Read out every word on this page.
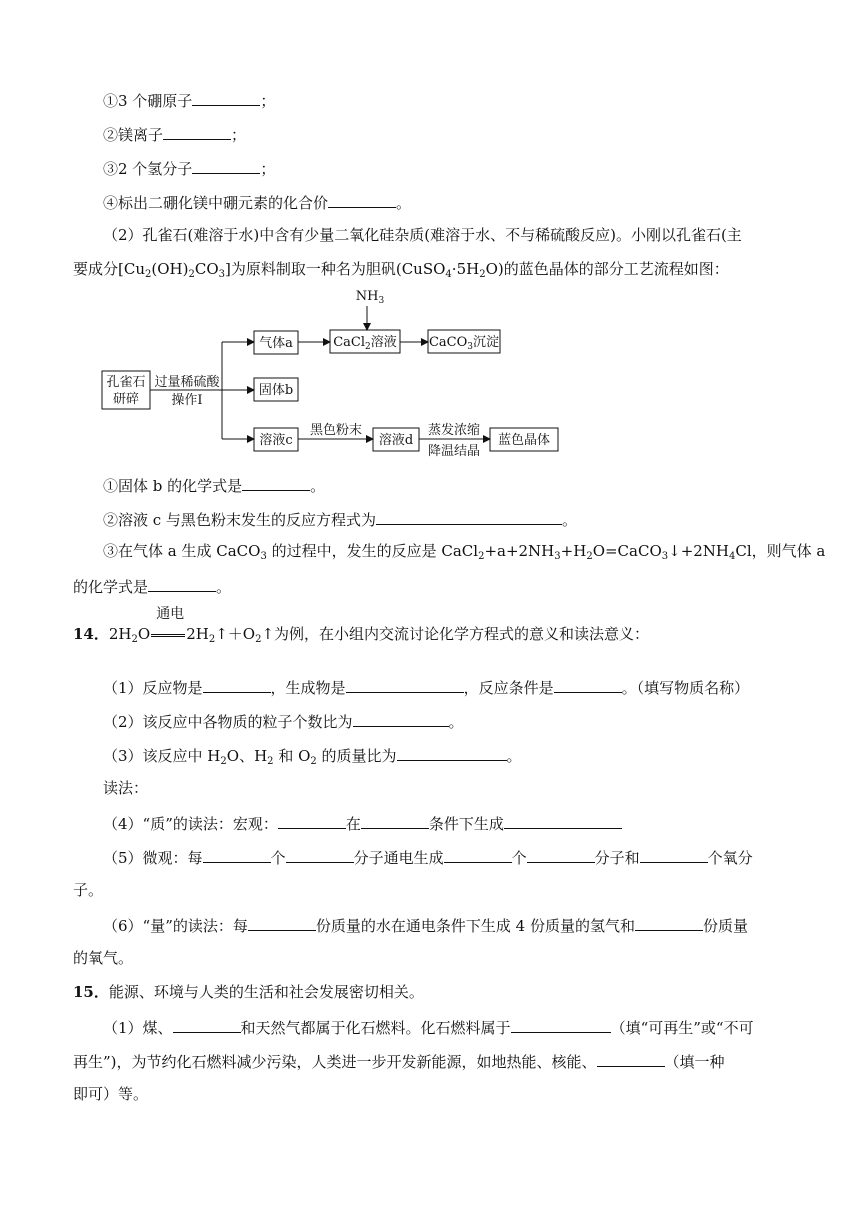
①3 个硼原子	；
②镁离子	；
③2 个氢分子	；
④标出二硼化镁中硼元素的化合价	。
（2）孔雀石(难溶于水)中含有少量二氧化硅杂质(难溶于水、不与稀硫酸反应)。小刚以孔雀石(主
要成分$[Cu_2(OH)_2CO_3]$为原料制取一种名为胆矾$(CuSO_4\cdot 5H_2O)$的蓝色晶体的部分工艺流程如图：
$NH_3$
孔雀石
研碎
过量稀硫酸
操作I
气体a	CaCl$_2$溶液 CaCO$_3$沉淀
固体b
溶液c
黑色粉末
溶液d
蒸发浓缩
降温结晶
蓝色晶体
①固体 b 的化学式是	。
②溶液 c 与黑色粉末发生的反应方程式为	。
③在气体 a 生成 CaCO$_3$ 的过程中，发生的反应是 $CaCl_2+a+2NH_3+H_2O=CaCO_3↓+2NH_4Cl$，则气体 a
的化学式是	。
14．$2H_2O$
通电
$2H_2↑+O_2↑$为例，在小组内交流讨论化学方程式的意义和读法意义：
（1）反应物是	，生成物是	，反应条件是	。（填写物质名称）
（2）该反应中各物质的粒子个数比为	。
（3）该反应中 $H_2O$、$H_2$ 和 $O_2$ 的质量比为	。
读法：
（4）“质”的读法：宏观：	在	条件下生成
（5）微观：每	个	分子通电生成	个	分子和	个氧分
子。
（6）“量”的读法：每	份质量的水在通电条件下生成 4 份质量的氢气和	份质量
的氧气。
15．能源、环境与人类的生活和社会发展密切相关。
（1）煤、	和天然气都属于化石燃料。化石燃料属于	（填“可再生”或“不可
再生”)，为节约化石燃料减少污染，人类进一步开发新能源，如地热能、核能、	（填一种
即可）等。
